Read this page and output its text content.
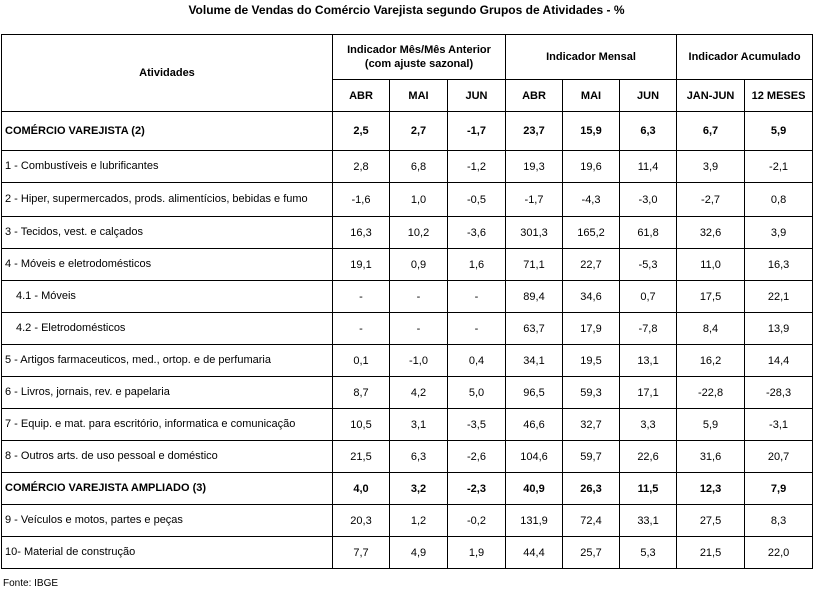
Volume de Vendas do Comércio Varejista segundo Grupos de Atividades - %
Atividades	Indicador Mês/Mês Anterior (com ajuste sazonal)			Indicador Mensal			Indicador Acumulado	
	ABR	MAI	JUN	ABR	MAI	JUN	JAN-JUN	12 MESES
COMÉRCIO VAREJISTA (2)	2,5	2,7	-1,7	23,7	15,9	6,3	6,7	5,9
1 - Combustíveis e lubrificantes	2,8	6,8	-1,2	19,3	19,6	11,4	3,9	-2,1
2 - Hiper, supermercados, prods. alimentícios, bebidas e fumo	-1,6	1,0	-0,5	-1,7	-4,3	-3,0	-2,7	0,8
3 - Tecidos, vest. e calçados	16,3	10,2	-3,6	301,3	165,2	61,8	32,6	3,9
4 - Móveis e eletrodomésticos	19,1	0,9	1,6	71,1	22,7	-5,3	11,0	16,3
4.1 - Móveis	-	-	-	89,4	34,6	0,7	17,5	22,1
4.2 - Eletrodomésticos	-	-	-	63,7	17,9	-7,8	8,4	13,9
5 - Artigos farmaceuticos, med., ortop. e de perfumaria	0,1	-1,0	0,4	34,1	19,5	13,1	16,2	14,4
6 - Livros, jornais, rev. e papelaria	8,7	4,2	5,0	96,5	59,3	17,1	-22,8	-28,3
7 - Equip. e mat. para escritório, informatica e comunicação	10,5	3,1	-3,5	46,6	32,7	3,3	5,9	-3,1
8 - Outros arts. de uso pessoal e doméstico	21,5	6,3	-2,6	104,6	59,7	22,6	31,6	20,7
COMÉRCIO VAREJISTA AMPLIADO (3)	4,0	3,2	-2,3	40,9	26,3	11,5	12,3	7,9
9 - Veículos e motos, partes e peças	20,3	1,2	-0,2	131,9	72,4	33,1	27,5	8,3
10- Material de construção	7,7	4,9	1,9	44,4	25,7	5,3	21,5	22,0
Fonte: IBGE
